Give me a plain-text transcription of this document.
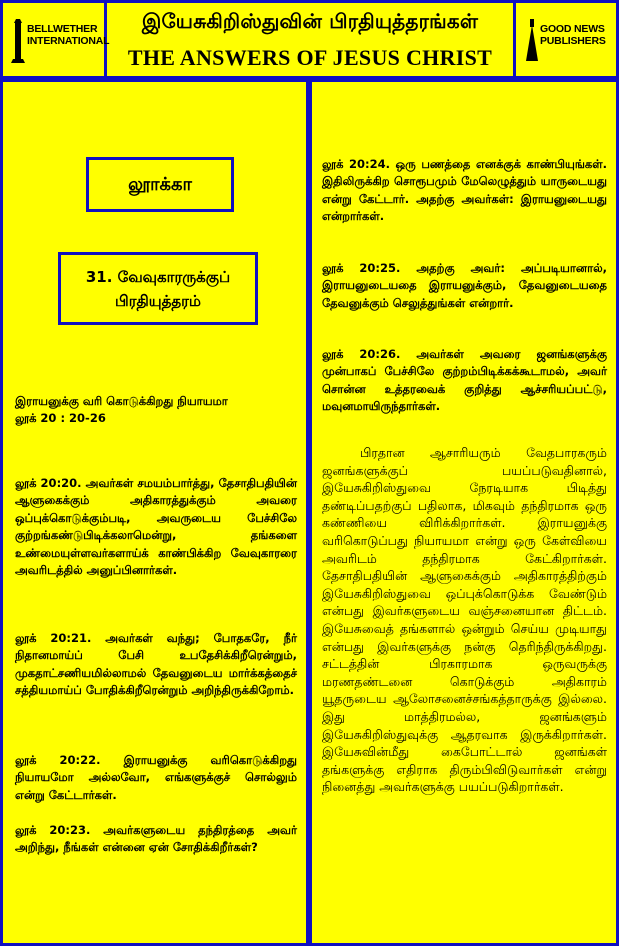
BELLWETHER INTERNATIONAL
இயேசுகிறிஸ்துவின் பிரதியுத்தரங்கள்
THE ANSWERS OF JESUS CHRIST
GOOD NEWS PUBLISHERS
லூாக்கா
31. வேவுகாரருக்குப்
பிரதியுத்தரம்

இராயனுக்கு வரி கொடுக்கிறது நியாயமா

லூக் 20 : 20-26

லூக் 20:20. அவர்கள் சமயம்பார்த்து, தேசாதிபதியின் ஆளுகைக்கும் அதிகாரத்துக்கும் அவரை ஒப்புக்கொடுக்கும்படி, அவருடைய பேச்சிலே குற்றங்கண்டுபிடிக்கலாமென்று, தங்களை உண்மையுள்ளவர்களாய்க் காண்பிக்கிற வேவுகாரரை அவரிடத்தில் அனுப்பினார்கள்.
லூக் 20:21. அவர்கள் வந்து; போதகரே, நீர் நிதானமாய்ப் பேசி உபதேசிக்கிறீரென்றும், முகதாட்சணியமில்லாமல் தேவனுடைய மார்க்கத்தைச் சத்தியமாய்ப் போதிக்கிறீரென்றும் அறிந்திருக்கிறோம்.
லூக் 20:22. இராயனுக்கு வரிகொடுக்கிறது நியாயமோ அல்லவோ, எங்களுக்குச் சொல்லும் என்று கேட்டார்கள்.
லூக் 20:23. அவர்களுடைய தந்திரத்தை அவர் அறிந்து, நீங்கள் என்னை ஏன் சோதிக்கிறீர்கள்?
லூக் 20:24. ஒரு பணத்தை எனக்குக் காண்பியுங்கள். இதிலிருக்கிற சொரூபமும் மேலெழுத்தும் யாருடையது என்று கேட்டார். அதற்கு அவர்கள்: இராயனுடையது என்றார்கள்.
லூக் 20:25. அதற்கு அவர்: அப்படியானால், இராயனுடையதை இராயனுக்கும், தேவனுடையதை தேவனுக்கும் செலுத்துங்கள் என்றார்.
லூக் 20:26. அவர்கள் அவரை ஜனங்களுக்கு முன்பாகப் பேச்சிலே குற்றம்பிடிக்கக்கூடாமல், அவர் சொன்ன உத்தரவைக் குறித்து ஆச்சரியப்பட்டு, மவுனமாயிருந்தார்கள்.
பிரதான ஆசாரியரும் வேதபாரகரும் ஜனங்களுக்குப் பயப்படுவதினால், இயேசுகிறிஸ்துவை நேரடியாக பிடித்து தண்டிப்பதற்குப் பதிலாக, மிகவும் தந்திரமாக ஒரு கண்ணியை விரிக்கிறார்கள். இராயனுக்கு வரிகொடுப்பது நியாயமா என்று ஒரு கேள்வியை அவரிடம் தந்திரமாக கேட்கிறார்கள். தேசாதிபதியின் ஆளுகைக்கும் அதிகாரத்திற்கும் இயேசுகிறிஸ்துவை ஒப்புக்கொடுக்க வேண்டும் என்பது இவர்களுடைய வஞ்சனையான திட்டம். இயேசுவைத் தங்களால் ஒன்றும் செய்ய முடியாது என்பது இவர்களுக்கு நன்கு தெரிந்திருக்கிறது. சட்டத்தின் பிரகாரமாக ஒருவருக்கு மரணதண்டனை கொடுக்கும் அதிகாரம் யூதருடைய ஆலோசனைச்சங்கத்தாருக்கு இல்லை. இது மாத்திரமல்ல, ஜனங்களும் இயேசுகிறிஸ்துவுக்கு ஆதரவாக இருக்கிறார்கள். இயேசுவின்மீது கைபோட்டால் ஜனங்கள் தங்களுக்கு எதிராக திரும்பிவிடுவார்கள் என்று நினைத்து அவர்களுக்கு பயப்படுகிறார்கள்.
